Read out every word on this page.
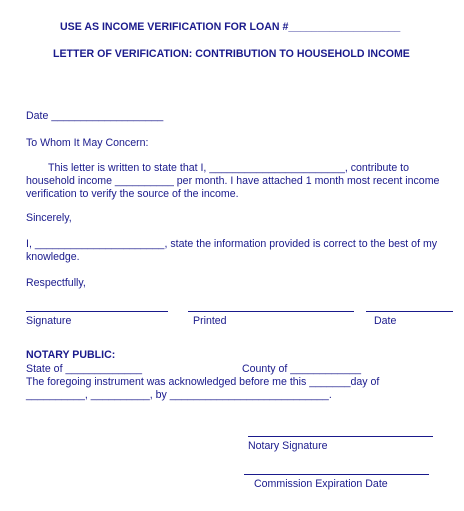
USE AS INCOME VERIFICATION FOR LOAN #___________________
LETTER OF VERIFICATION: CONTRIBUTION TO HOUSEHOLD INCOME
Date ___________________
To Whom It May Concern:
This letter is written to state that I, _______________________, contribute to
household income __________ per month. I have attached 1 month most recent income
verification to verify the source of the income.
Sincerely,
I, ______________________, state the information provided is correct to the best of my
knowledge.
Respectfully,
Signature	Printed	Date
NOTARY PUBLIC:
State of _____________	County of ____________
The foregoing instrument was acknowledged before me this _______day of
__________, __________, by ___________________________.
Notary Signature
Commission Expiration Date
